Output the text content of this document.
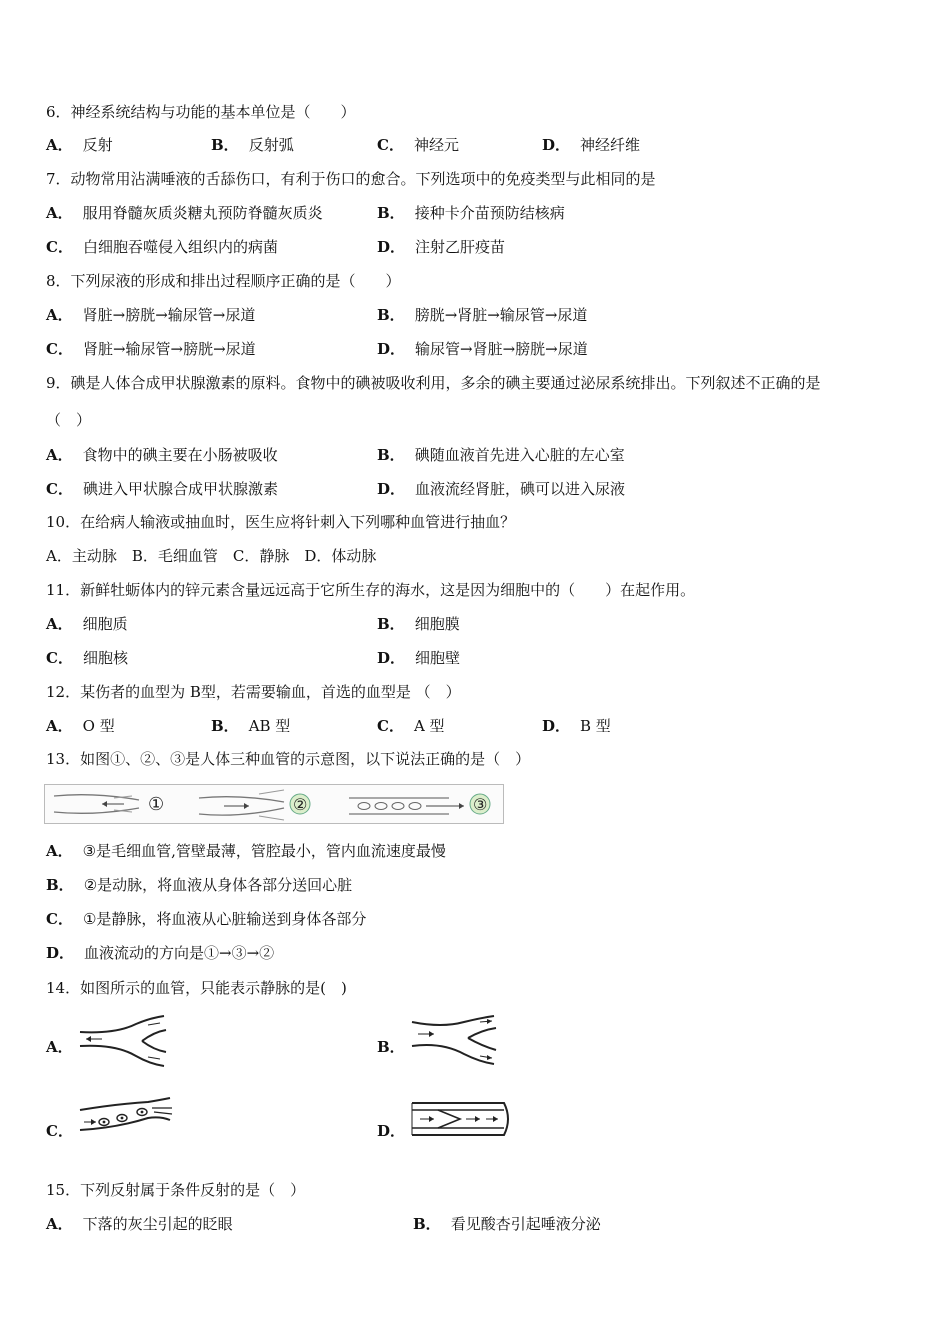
6．神经系统结构与功能的基本单位是（　　）
A． 反射	B． 反射弧	C． 神经元	D． 神经纤维
7．动物常用沾满唾液的舌舔伤口，有利于伤口的愈合。下列选项中的免疫类型与此相同的是
A． 服用脊髓灰质炎糖丸预防脊髓灰质炎	B． 接种卡介苗预防结核病
C． 白细胞吞噬侵入组织内的病菌	D． 注射乙肝疫苗
8．下列尿液的形成和排出过程顺序正确的是（　　）
A． 肾脏→膀胱→输尿管→尿道	B． 膀胱→肾脏→输尿管→尿道
C． 肾脏→输尿管→膀胱→尿道	D． 输尿管→肾脏→膀胱→尿道
9．碘是人体合成甲状腺激素的原料。食物中的碘被吸收利用，多余的碘主要通过泌尿系统排出。下列叙述不正确的是
（　）
A． 食物中的碘主要在小肠被吸收	B． 碘随血液首先进入心脏的左心室
C． 碘进入甲状腺合成甲状腺激素	D． 血液流经肾脏，碘可以进入尿液
10．在给病人输液或抽血时，医生应将针刺入下列哪种血管进行抽血？
A．主动脉　B．毛细血管　C．静脉　D．体动脉
11．新鲜牡蛎体内的锌元素含量远远高于它所生存的海水，这是因为细胞中的（　　）在起作用。
A． 细胞质	B． 细胞膜
C． 细胞核	D． 细胞壁
12．某伤者的血型为 B型，若需要输血，首选的血型是 （　）
A． O 型	B． AB 型	C． A 型	D． B 型
13．如图①、②、③是人体三种血管的示意图，以下说法正确的是（　）
①	②	③
A． ③是毛细血管,管壁最薄，管腔最小，管内血流速度最慢
B． ②是动脉，将血液从身体各部分送回心脏
C． ①是静脉，将血液从心脏输送到身体各部分
D． 血液流动的方向是①→③→②
14．如图所示的血管，只能表示静脉的是(　)
A．	B．
C．	D．
15．下列反射属于条件反射的是（　）
A． 下落的灰尘引起的眨眼	B． 看见酸杏引起唾液分泌
